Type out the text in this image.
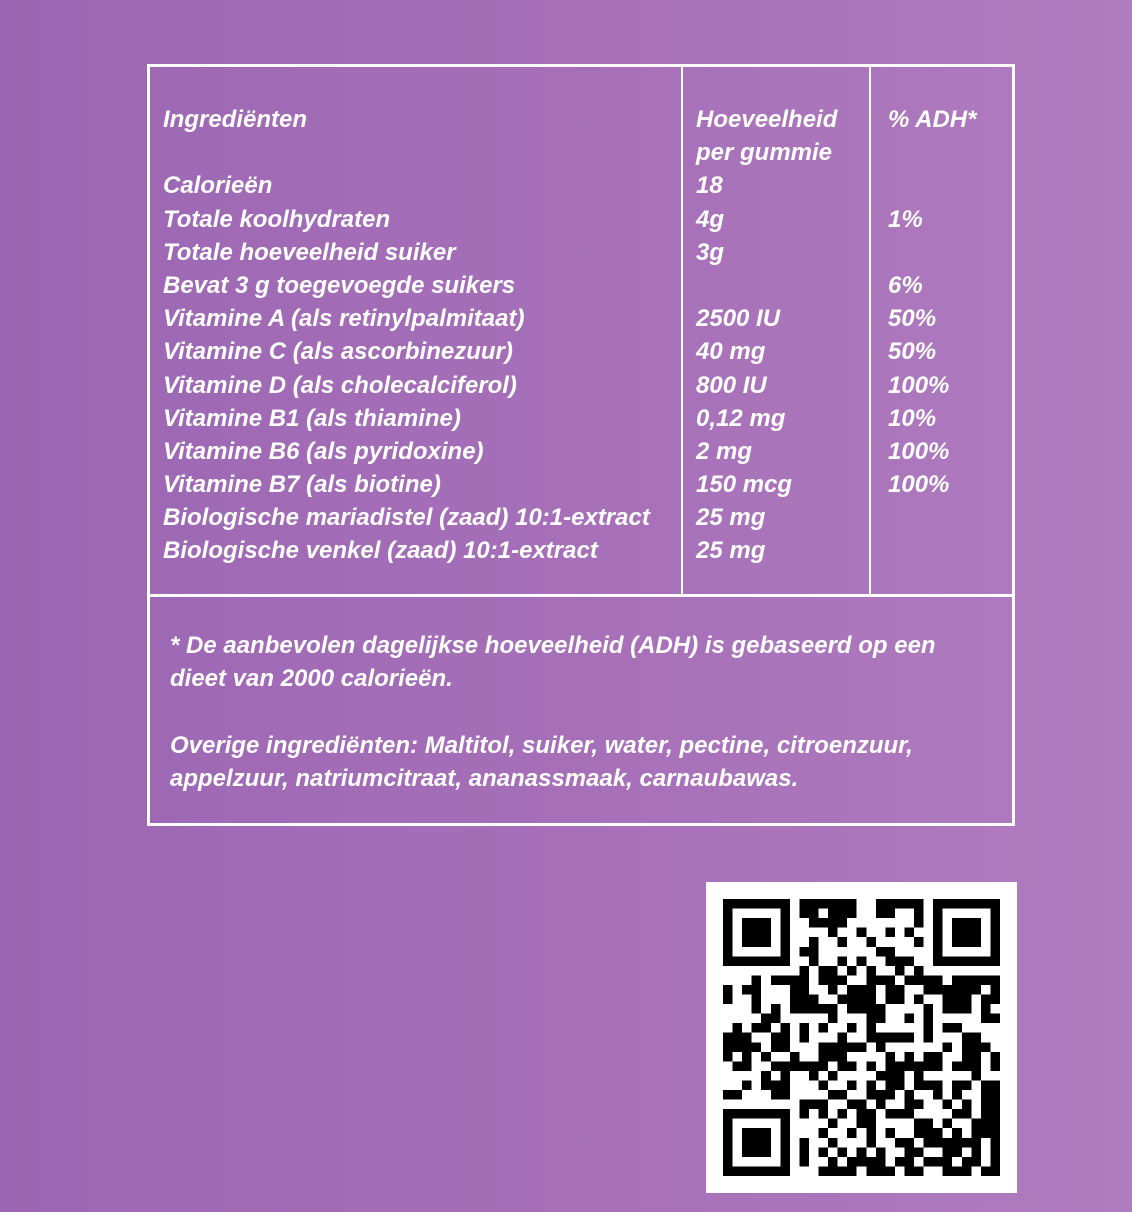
Ingrediënten
Calorieën
Totale koolhydraten
Totale hoeveelheid suiker
Bevat 3 g toegevoegde suikers
Vitamine A (als retinylpalmitaat)
Vitamine C (als ascorbinezuur)
Vitamine D (als cholecalciferol)
Vitamine B1 (als thiamine)
Vitamine B6 (als pyridoxine)
Vitamine B7 (als biotine)
Biologische mariadistel (zaad) 10:1-extract
Biologische venkel (zaad) 10:1-extract
Hoeveelheid per gummie
18
4g
3g
2500 IU
40 mg
800 IU
0,12 mg
2 mg
150 mcg
25 mg
25 mg
% ADH*
1%
6%
50%
50%
100%
10%
100%
100%

* De aanbevolen dagelijkse hoeveelheid (ADH) is gebaseerd op een dieet van 2000 calorieën.

Overige ingrediënten: Maltitol, suiker, water, pectine, citroenzuur, appelzuur, natriumcitraat, ananassmaak, carnaubawas.
